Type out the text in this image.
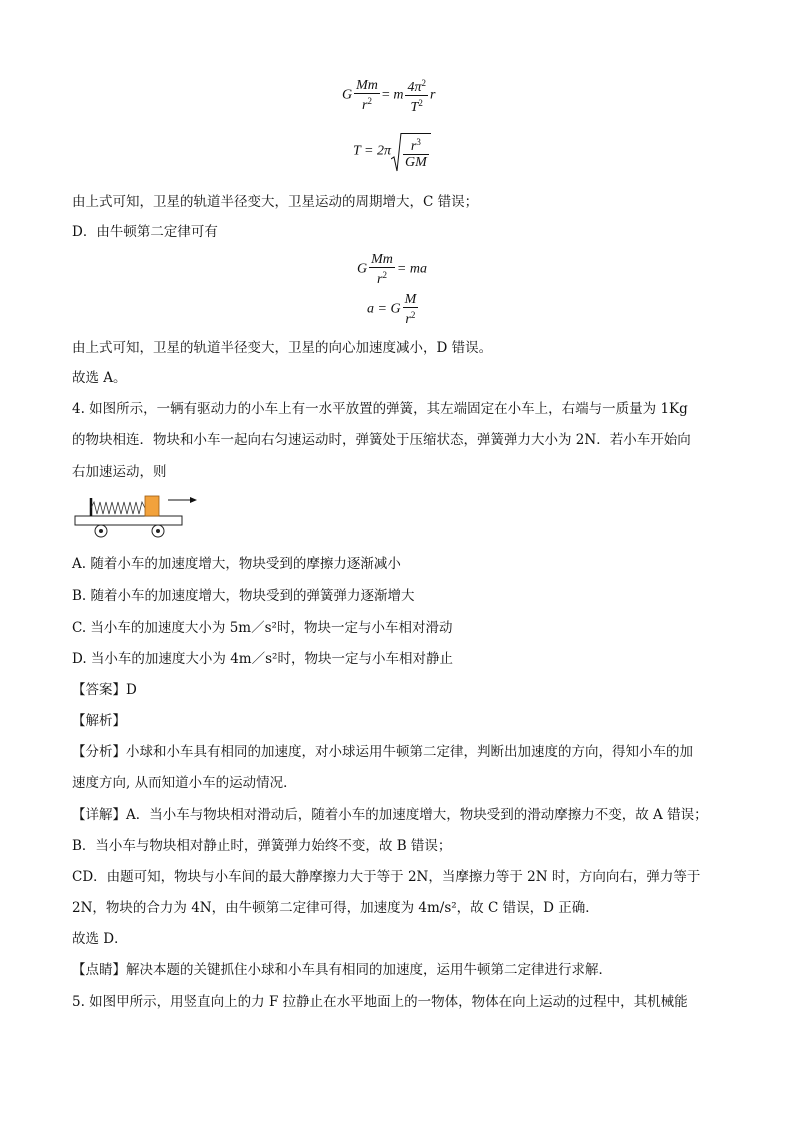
G $\frac{Mm}{r^2} = m \frac{4\pi^2}{T^2}$ r
$T = 2\pi \frac{r^3}{GM}$
由上式可知，卫星的轨道半径变大，卫星运动的周期增大，C 错误；
D．由牛顿第二定律可有
G $\frac{Mm}{r^2}$ = ma
a = G $\frac{M}{r^2}$
由上式可知，卫星的轨道半径变大，卫星的向心加速度减小，D 错误。
故选 A。
4. 如图所示，一辆有驱动力的小车上有一水平放置的弹簧，其左端固定在小车上，右端与一质量为 1Kg
的物块相连．物块和小车一起向右匀速运动时，弹簧处于压缩状态，弹簧弹力大小为 2N．若小车开始向
右加速运动，则
A. 随着小车的加速度增大，物块受到的摩擦力逐渐减小
B. 随着小车的加速度增大，物块受到的弹簧弹力逐渐增大
C. 当小车的加速度大小为 5m／s²时，物块一定与小车相对滑动
D. 当小车的加速度大小为 4m／s²时，物块一定与小车相对静止
【答案】D
【解析】
【分析】小球和小车具有相同的加速度，对小球运用牛顿第二定律，判断出加速度的方向，得知小车的加
速度方向, 从而知道小车的运动情况．
【详解】A．当小车与物块相对滑动后，随着小车的加速度增大，物块受到的滑动摩擦力不变，故 A 错误；
B．当小车与物块相对静止时，弹簧弹力始终不变，故 B 错误；
CD．由题可知，物块与小车间的最大静摩擦力大于等于 2N，当摩擦力等于 2N 时，方向向右，弹力等于
2N，物块的合力为 4N，由牛顿第二定律可得，加速度为 4m/s²，故 C 错误，D 正确．
故选 D．
【点睛】解决本题的关键抓住小球和小车具有相同的加速度，运用牛顿第二定律进行求解．
5. 如图甲所示，用竖直向上的力 F 拉静止在水平地面上的一物体，物体在向上运动的过程中，其机械能
